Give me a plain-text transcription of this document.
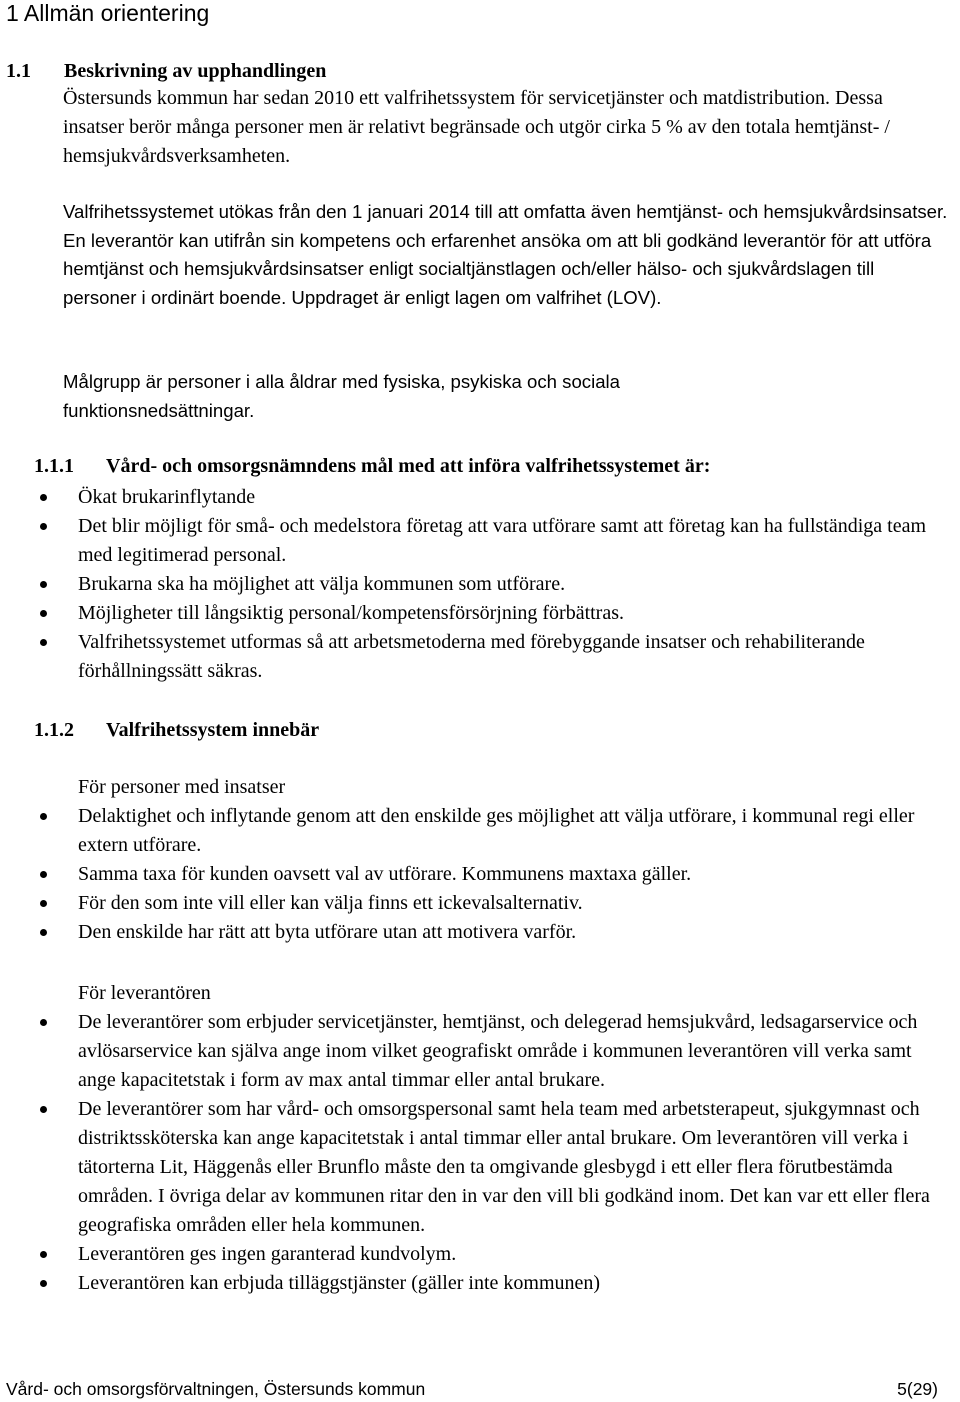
1 Allmän orientering
1.1 Beskrivning av upphandlingen

Östersunds kommun har sedan 2010 ett valfrihetssystem för servicetjänster och matdistribution. Dessa insatser berör många personer men är relativt begränsade och utgör cirka 5 % av den totala hemtjänst- / hemsjukvårdsverksamheten.

Valfrihetssystemet utökas från den 1 januari 2014 till att omfatta även hemtjänst- och hemsjukvårdsinsatser. En leverantör kan utifrån sin kompetens och erfarenhet ansöka om att bli godkänd leverantör för att utföra hemtjänst och hemsjukvårdsinsatser enligt socialtjänstlagen och/eller hälso- och sjukvårdslagen till personer i ordinärt boende. Uppdraget är enligt lagen om valfrihet (LOV).

Målgrupp är personer i alla åldrar med fysiska, psykiska och sociala funktionsnedsättningar.

1.1.1 Vård- och omsorgsnämndens mål med att införa valfrihetssystemet är:
Ökat brukarinflytande
Det blir möjligt för små- och medelstora företag att vara utförare samt att företag kan ha fullständiga team med legitimerad personal.
Brukarna ska ha möjlighet att välja kommunen som utförare.
Möjligheter till långsiktig personal/kompetensförsörjning förbättras.
Valfrihetssystemet utformas så att arbetsmetoderna med förebyggande insatser och rehabiliterande förhållningssätt säkras.
1.1.2 Valfrihetssystem innebär

För personer med insatser

Delaktighet och inflytande genom att den enskilde ges möjlighet att välja utförare, i kommunal regi eller extern utförare.
Samma taxa för kunden oavsett val av utförare. Kommunens maxtaxa gäller.
För den som inte vill eller kan välja finns ett ickevalsalternativ.
Den enskilde har rätt att byta utförare utan att motivera varför.

För leverantören

De leverantörer som erbjuder servicetjänster, hemtjänst, och delegerad hemsjukvård, ledsagarservice och avlösarservice kan själva ange inom vilket geografiskt område i kommunen leverantören vill verka samt ange kapacitetstak i form av max antal timmar eller antal brukare.
De leverantörer som har vård- och omsorgspersonal samt hela team med arbetsterapeut, sjukgymnast och distriktssköterska kan ange kapacitetstak i antal timmar eller antal brukare. Om leverantören vill verka i tätorterna Lit, Häggenås eller Brunflo måste den ta omgivande glesbygd i ett eller flera förutbestämda områden. I övriga delar av kommunen ritar den in var den vill bli godkänd inom. Det kan var ett eller flera geografiska områden eller hela kommunen.
Leverantören ges ingen garanterad kundvolym.
Leverantören kan erbjuda tilläggstjänster (gäller inte kommunen)
Vård- och omsorgsförvaltningen, Östersunds kommun	5(29)
